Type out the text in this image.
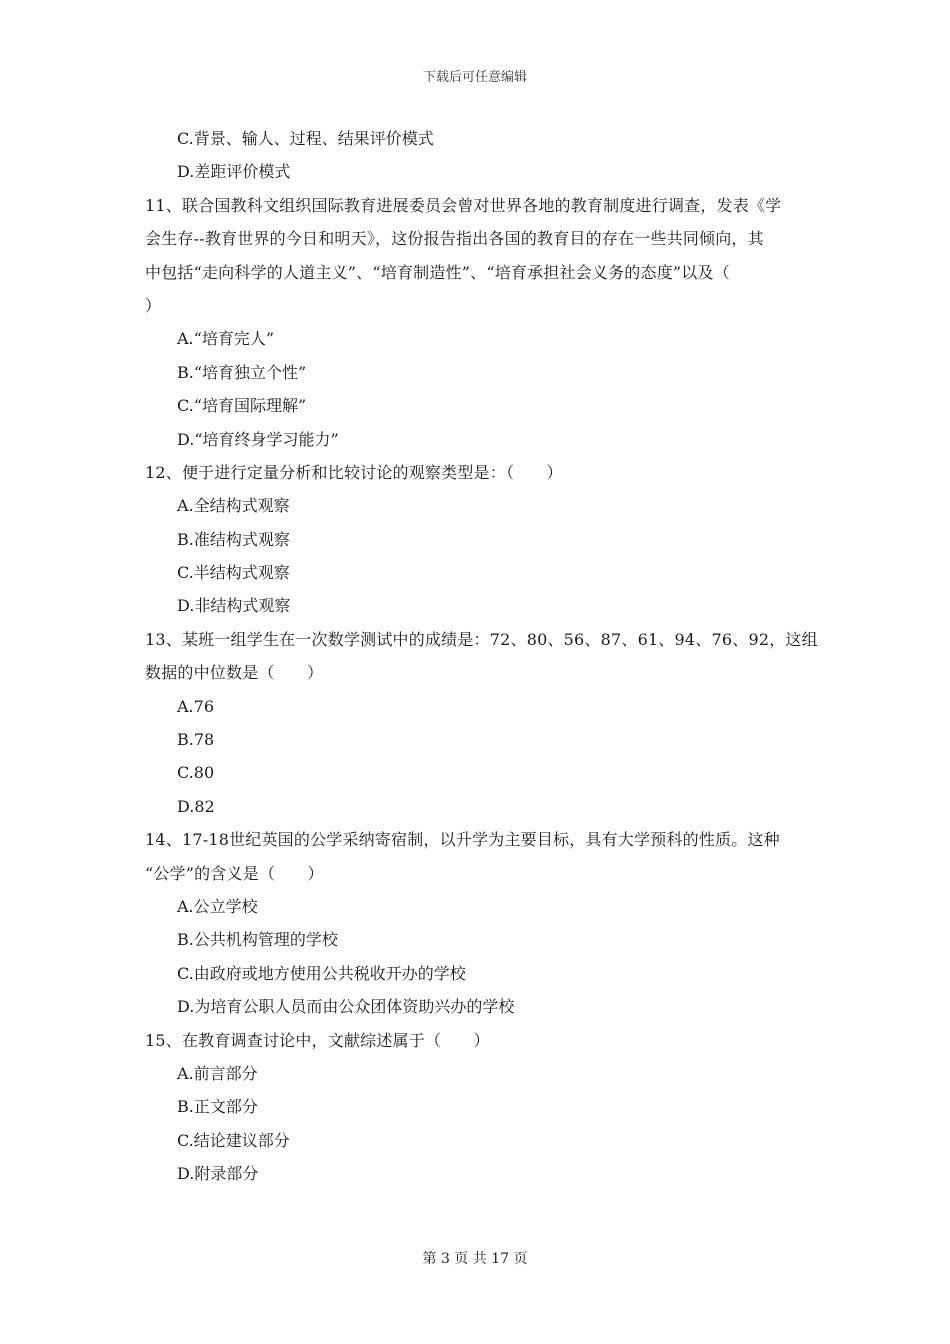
下载后可任意编辑
C.背景、输人、过程、结果评价模式
D.差距评价模式
11、联合国教科文组织国际教育进展委员会曾对世界各地的教育制度进行调查，发表《学
会生存--教育世界的今日和明天》，这份报告指出各国的教育目的存在一些共同倾向，其
中包括“走向科学的人道主义”、“培育制造性”、“培育承担社会义务的态度”以及（
）
A.“培育完人”
B.“培育独立个性”
C.“培育国际理解”
D.“培育终身学习能力”
12、便于进行定量分析和比较讨论的观察类型是：（　　）
A.全结构式观察
B.准结构式观察
C.半结构式观察
D.非结构式观察
13、某班一组学生在一次数学测试中的成绩是：72、80、56、87、61、94、76、92，这组
数据的中位数是（　　）
A.76
B.78
C.80
D.82
14、17-18世纪英国的公学采纳寄宿制，以升学为主要目标，具有大学预科的性质。这种
“公学”的含义是（　　）
A.公立学校
B.公共机构管理的学校
C.由政府或地方使用公共税收开办的学校
D.为培育公职人员而由公众团体资助兴办的学校
15、在教育调查讨论中，文献综述属于（　　）
A.前言部分
B.正文部分
C.结论建议部分
D.附录部分
第 3 页 共 17 页
